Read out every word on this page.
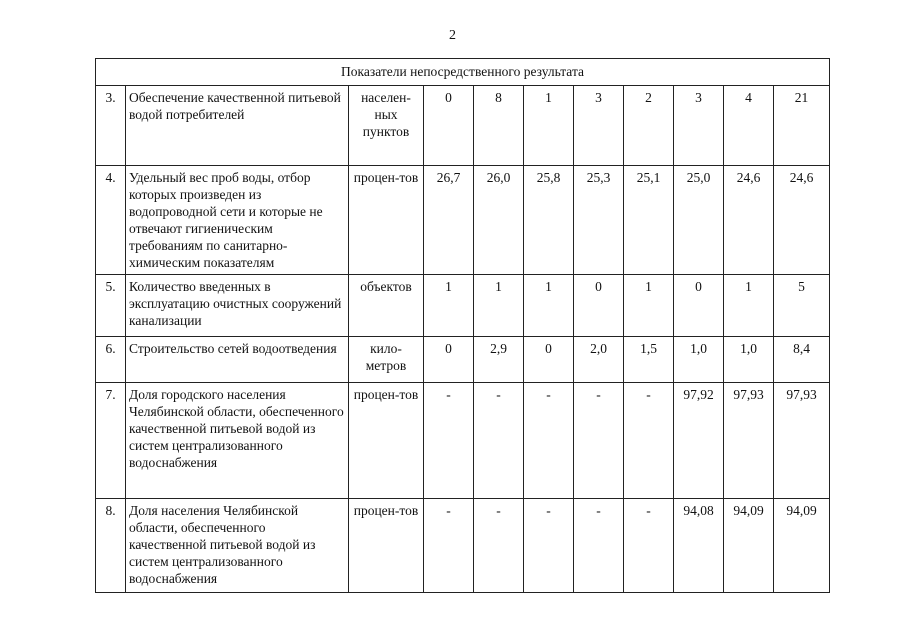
2
Показатели непосредственного результата										
3.	Обеспечение качественной питьевой водой потребителей	населен-ных пунктов	0	8	1	3	2	3	4	21
4.	Удельный вес проб воды, отбор которых произведен из водопроводной сети и которые не отвечают гигиеническим требованиям по санитарно-химическим показателям	процен-тов	26,7	26,0	25,8	25,3	25,1	25,0	24,6	24,6
5.	Количество введенных в эксплуатацию очистных сооружений канализации	объектов	1	1	1	0	1	0	1	5
6.	Строительство сетей водоотведения	кило-метров	0	2,9	0	2,0	1,5	1,0	1,0	8,4
7.	Доля городского населения Челябинской области, обеспеченного качественной питьевой водой из систем централизованного водоснабжения	процен-тов	-	-	-	-	-	97,92	97,93	97,93
8.	Доля населения Челябинской области, обеспеченного качественной питьевой водой из систем централизованного водоснабжения	процен-тов	-	-	-	-	-	94,08	94,09	94,09
